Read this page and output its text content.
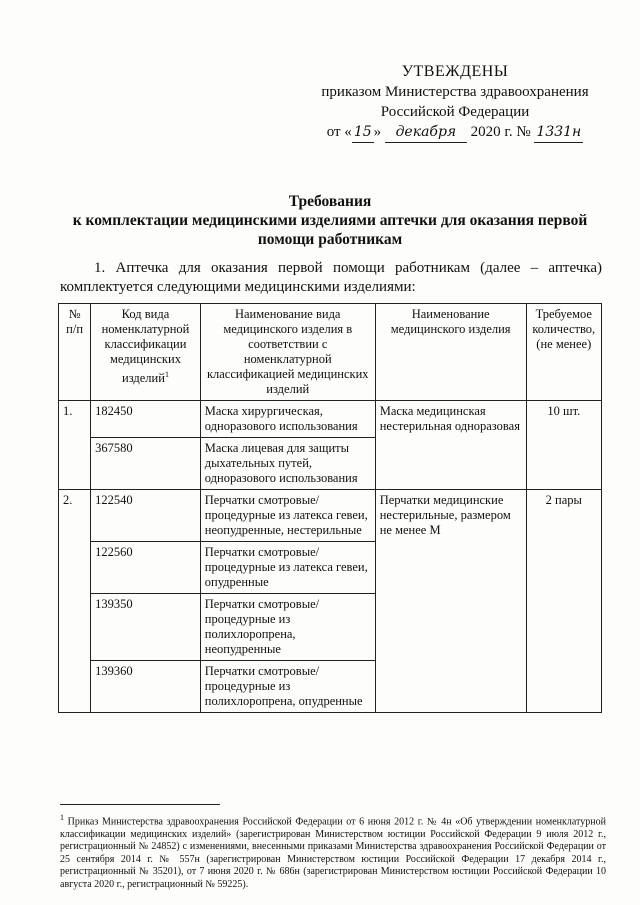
УТВЕЖДЕНЫ
приказом Министерства здравоохранения
Российской Федерации
от « 15 » декабря 2020 г. № 1331н
Требования
к комплектации медицинскими изделиями аптечки для оказания первой
помощи работникам
1. Аптечка для оказания первой помощи работникам (далее – аптечка) комплектуется следующими медицинскими изделиями:
№ п/п	Код вида номенклатурной классификации медицинских изделий$^1$	Наименование вида медицинского изделия в соответствии с номенклатурной классификацией медицинских изделий	Наименование медицинского изделия	Требуемое количество, (не менее)
1.	182450	Маска хирургическая, одноразового использования	Маска медицинская нестерильная одноразовая	10 шт.
	367580	Маска лицевая для защиты дыхательных путей, одноразового использования		
2.	122540	Перчатки смотровые/процедурные из латекса гевеи, неопудренные, нестерильные	Перчатки медицинские нестерильные, размером не менее M	2 пары
	122560	Перчатки смотровые/процедурные из латекса гевеи, опудренные		
	139350	Перчатки смотровые/процедурные из полихлоропрена, неопудренные		
	139360	Перчатки смотровые/процедурные из полихлоропрена, опудренные		
$^1$ Приказ Министерства здравоохранения Российской Федерации от 6 июня 2012 г. № 4н «Об утверждении номенклатурной классификации медицинских изделий» (зарегистрирован Министерством юстиции Российской Федерации 9 июля 2012 г., регистрационный № 24852) с изменениями, внесенными приказами Министерства здравоохранения Российской Федерации от 25 сентября 2014 г. № 557н (зарегистрирован Министерством юстиции Российской Федерации 17 декабря 2014 г., регистрационный № 35201), от 7 июня 2020 г. № 686н (зарегистрирован Министерством юстиции Российской Федерации 10 августа 2020 г., регистрационный № 59225).
